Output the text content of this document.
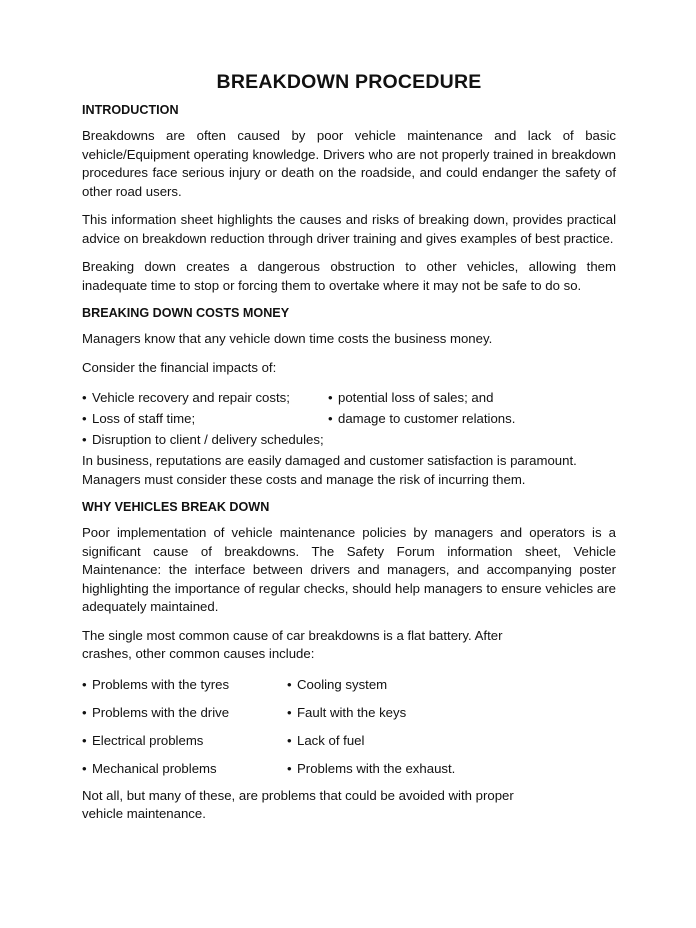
BREAKDOWN PROCEDURE
INTRODUCTION

Breakdowns are often caused by poor vehicle maintenance and lack of basic vehicle/Equipment operating knowledge. Drivers who are not properly trained in breakdown procedures face serious injury or death on the roadside, and could endanger the safety of other road users.

This information sheet highlights the causes and risks of breaking down, provides practical advice on breakdown reduction through driver training and gives examples of best practice.

Breaking down creates a dangerous obstruction to other vehicles, allowing them inadequate time to stop or forcing them to overtake where it may not be safe to do so.

BREAKING DOWN COSTS MONEY

Managers know that any vehicle down time costs the business money.

Consider the financial impacts of:

• Vehicle recovery and repair costs;	• potential loss of sales; and
• Loss of staff time;	• damage to customer relations.
• Disruption to client / delivery schedules;

In business, reputations are easily damaged and customer satisfaction is paramount.
Managers must consider these costs and manage the risk of incurring them.

WHY VEHICLES BREAK DOWN

Poor implementation of vehicle maintenance policies by managers and operators is a significant cause of breakdowns. The Safety Forum information sheet, Vehicle Maintenance: the interface between drivers and managers, and accompanying poster highlighting the importance of regular checks, should help managers to ensure vehicles are adequately maintained.

The single most common cause of car breakdowns is a flat battery. After
crashes, other common causes include:

• Problems with the tyres	• Cooling system
• Problems with the drive	• Fault with the keys
• Electrical problems	• Lack of fuel
• Mechanical problems	• Problems with the exhaust.

Not all, but many of these, are problems that could be avoided with proper
vehicle maintenance.
